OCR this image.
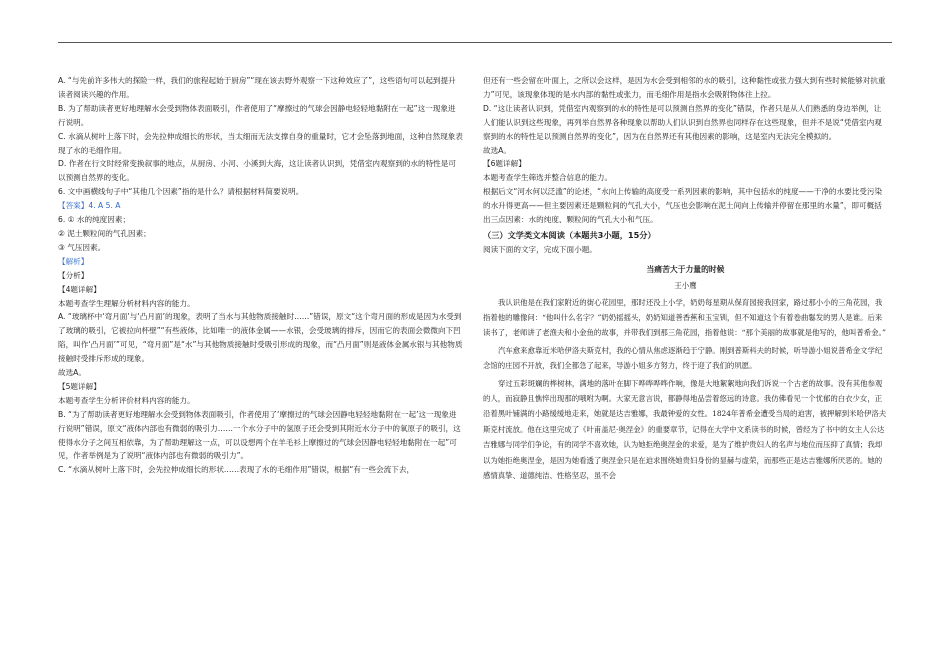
A. “与先前许多伟大的探险一样，我们的旅程起始于厨房”“现在该去野外观察一下这种效应了”，这些语句可以起到提升读者阅读兴趣的作用。

B. 为了帮助读者更好地理解水会受到物体表面吸引，作者使用了“摩擦过的气球会因静电轻轻地黏附在一起”这一现象进行说明。

C. 水滴从树叶上落下时，会先拉伸成细长的形状，当太细而无法支撑自身的重量时，它才会坠落到地面，这种自然现象表现了水的毛细作用。

D. 作者在行文时经常变换叙事的地点，从厨房、小河、小溪到大海，这让读者认识到，凭借室内观察到的水的特性是可以预测自然界的变化。

6. 文中画横线句子中“其他几个因素”指的是什么？请根据材料简要说明。

【答案】4. A 5. A

6. ① 水的纯度因素；

② 泥土颗粒间的气孔因素；

③ 气压因素。

【解析】

【分析】

【4题详解】

本题考查学生理解分析材料内容的能力。

A. “玻璃杯中‘弯月面’与‘凸月面’的现象，表明了当水与其他物质接触时……”错误，原文“这个弯月面的形成是因为水受到了玻璃的吸引，它被拉向杯壁”“有些液体，比如唯一的液体金属——水银，会受玻璃的排斥，因而它的表面会微微向下凹陷，叫作‘凸月面’”可见，“弯月面”是“水”与其他物质接触时受吸引形成的现象，而“凸月面”则是液体金属水银与其他物质接触时受排斥形成的现象。

故选A。

【5题详解】

本题考查学生分析评价材料内容的能力。

B. “为了帮助读者更好地理解水会受到物体表面吸引，作者使用了‘摩擦过的气球会因静电轻轻地黏附在一起’这一现象进行说明”错误，原文“液体内部也有微弱的吸引力……一个水分子中的氢原子还会受到其附近水分子中的氧原子的吸引，这使得水分子之间互相依靠，为了帮助理解这一点，可以设想两个在羊毛衫上摩擦过的气球会因静电轻轻地黏附在一起”可见，作者举例是为了说明“液体内部也有微弱的吸引力”。

C. “水滴从树叶上落下时，会先拉伸成细长的形状……表现了水的毛细作用”错误，根据“有一些会流下去，

但还有一些会留在叶面上，之所以会这样，是因为水会受到相邻的水的吸引，这种黏性或张力强大到有些时候能够对抗重力”可见，该现象体现的是水内部的黏性或张力，而毛细作用是指水会吸附物体往上拉。

D. “这让读者认识到，凭借室内观察到的水的特性是可以预测自然界的变化”错误，作者只是从人们熟悉的身边举例，让人们能认识到这些现象，再列举自然界各种现象以帮助人们认识到自然界也同样存在这些现象，但并不是说“凭借室内观察到的水的特性足以预测自然界的变化”，因为在自然界还有其他因素的影响，这是室内无法完全模拟的。

故选A。

【6题详解】

本题考查学生筛选并整合信息的能力。

根据后文“河水何以泛滥”的论述，“水向上传输的高度受一系列因素的影响，其中包括水的纯度——干净的水要比受污染的水升得更高——但主要因素还是颗粒间的气孔大小，气压也会影响在泥土间向上传输并停留在那里的水量”，即可概括出三点因素：水的纯度、颗粒间的气孔大小和气压。

（三）文学类文本阅读（本题共3小题，15分）

阅读下面的文字，完成下面小题。

当痛苦大于力量的时候

王小鹰

我认识他是在我们家附近的街心花园里，那时还没上小学，奶奶每星期从保育园接我回家，路过那小小的三角花园，我指着他的雕像问：“他叫什么名字？”奶奶摇摇头，奶奶知道善香蕉和玉宝钏，但不知道这个有着卷曲鬈发的男人是谁。后来读书了，老师讲了老渔夫和小金鱼的故事，并带我们到那三角花园，指着他说：“那个美丽的故事就是他写的，他叫普希金。”

汽车愈来愈靠近米哈伊洛夫斯克村，我的心情从焦虑逐渐趋于宁静。刚到普斯科夫的时候，听导游小姐说普希金文学纪念馆的庄园不开放，我们全都急了起来，导游小姐多方努力，终于迎了我们的夙愿。

穿过五彩斑斓的桦树林，满地的落叶在脚下哗哗哗哗作响，像是大地絮絮地向我们诉说一个古老的故事。没有其他参观的人，而寂静且憔悴出现那的哦咐为啊。大家无意言说，都静得地品尝着悠远的诗意。我仿佛看见一个忧郁的白衣少女，正沿着黑叶铺满的小路缓缓地走来，她就是达吉雅娜，我最钟爱的女性。1824年普希金遭受当局的迫害，被押解到米哈伊洛夫斯克村流放。他在这里完成了《叶甫盖尼·奥涅金》的重要章节，记得在大学中文系读书的时候，曾经为了书中的女主人公达吉雅娜与同学们争论，有的同学不喜欢她，认为她拒绝奥涅金的求爱，是为了维护贵妇人的名声与地位而压抑了真情；我却以为她拒绝奥涅金，是因为她看透了奥涅金只是在迫求围绕她贵妇身份的显赫与虚荣，而那些正是达吉雅娜所厌恶的。她的感情真挚、道德纯洁、性格坚忍，虽不会
